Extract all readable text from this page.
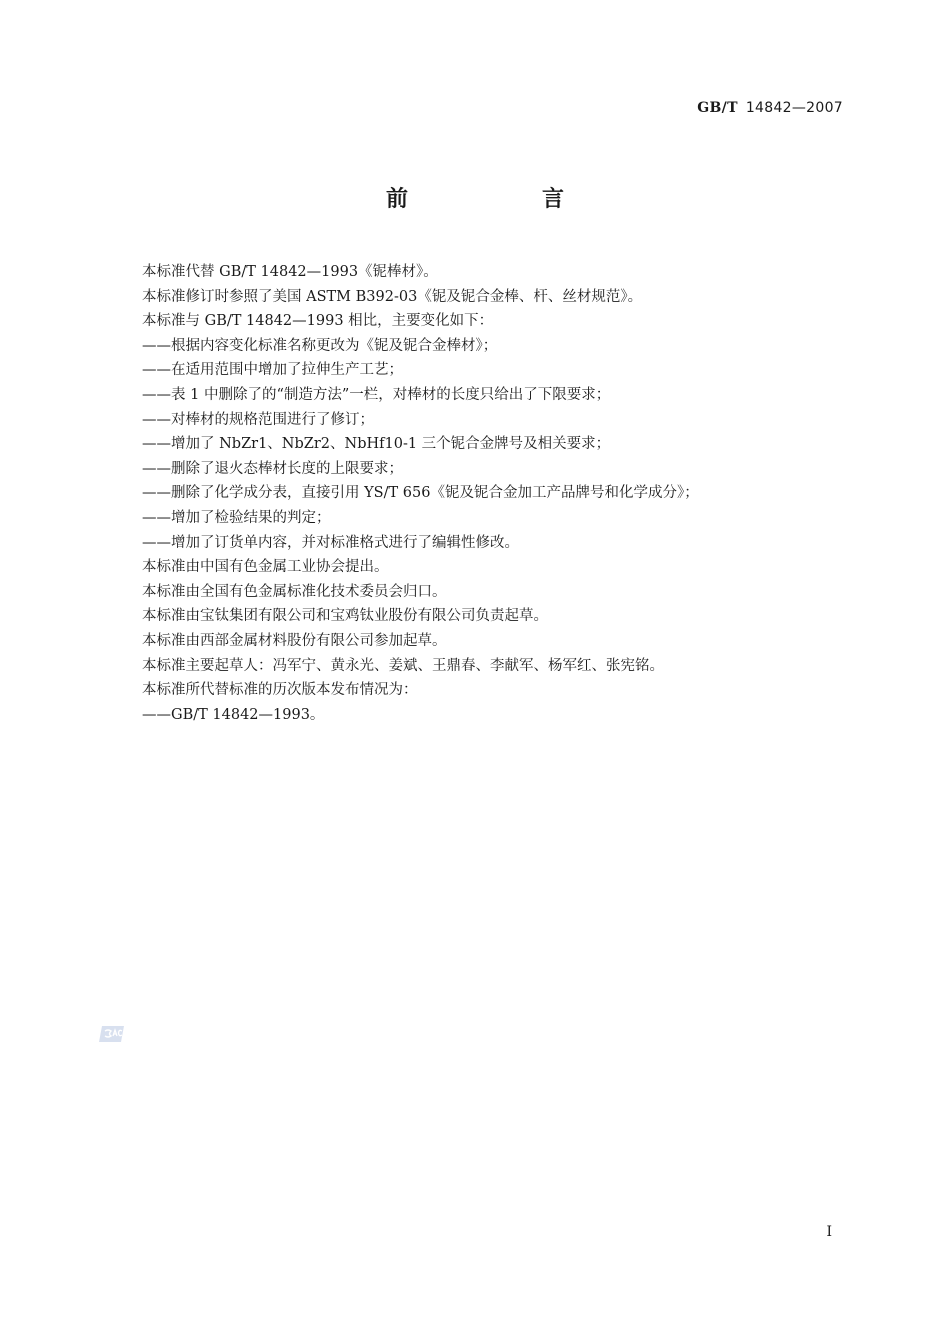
GB/T 14842—2007
前　言
本标准代替 GB/T 14842—1993《铌棒材》。
本标准修订时参照了美国 ASTM B392-03《铌及铌合金棒、杆、丝材规范》。
本标准与 GB/T 14842—1993 相比，主要变化如下：
——根据内容变化标准名称更改为《铌及铌合金棒材》；
——在适用范围中增加了拉伸生产工艺；
——表 1 中删除了的“制造方法”一栏，对棒材的长度只给出了下限要求；
——对棒材的规格范围进行了修订；
——增加了 NbZr1、NbZr2、NbHf10-1 三个铌合金牌号及相关要求；
——删除了退火态棒材长度的上限要求；
——删除了化学成分表，直接引用 YS/T 656《铌及铌合金加工产品牌号和化学成分》；
——增加了检验结果的判定；
——增加了订货单内容，并对标准格式进行了编辑性修改。
本标准由中国有色金属工业协会提出。
本标准由全国有色金属标准化技术委员会归口。
本标准由宝钛集团有限公司和宝鸡钛业股份有限公司负责起草。
本标准由西部金属材料股份有限公司参加起草。
本标准主要起草人：冯军宁、黄永光、姜斌、王鼎春、李献军、杨军红、张宪铭。
本标准所代替标准的历次版本发布情况为：
——GB/T 14842—1993。
I
